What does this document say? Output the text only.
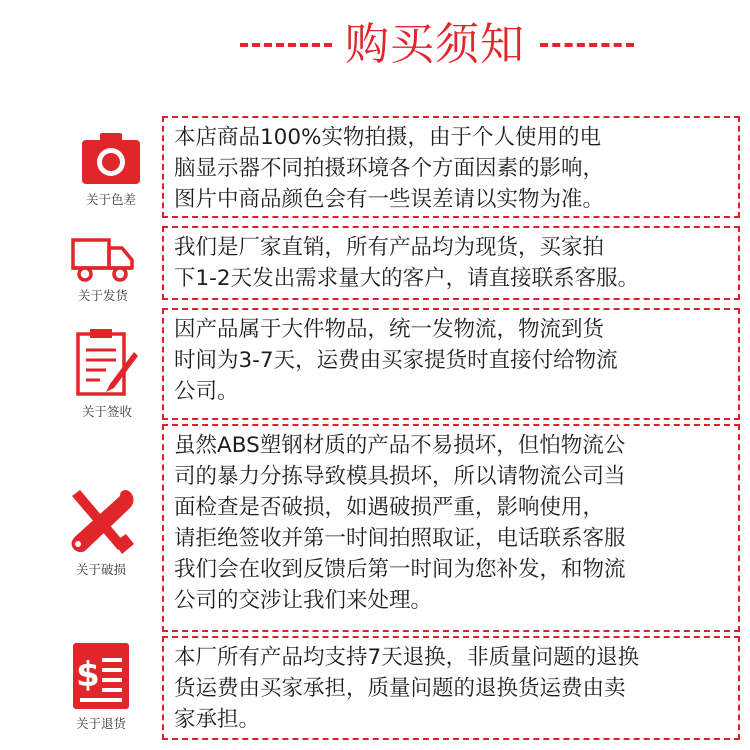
购买须知
关于色差
本店商品100%实物拍摄，由于个人使用的电
脑显示器不同拍摄环境各个方面因素的影响，
图片中商品颜色会有一些误差请以实物为准。
关于发货
我们是厂家直销，所有产品均为现货，买家拍
下1-2天发出需求量大的客户，请直接联系客服。
关于签收
因产品属于大件物品，统一发物流，物流到货
时间为3-7天，运费由买家提货时直接付给物流
公司。
关于破损
虽然ABS塑钢材质的产品不易损坏，但怕物流公
司的暴力分拣导致模具损坏，所以请物流公司当
面检查是否破损，如遇破损严重，影响使用，
请拒绝签收并第一时间拍照取证，电话联系客服
我们会在收到反馈后第一时间为您补发，和物流
公司的交涉让我们来处理。
$
关于退货
本厂所有产品均支持7天退换，非质量问题的退换
货运费由买家承担，质量问题的退换货运费由卖
家承担。
